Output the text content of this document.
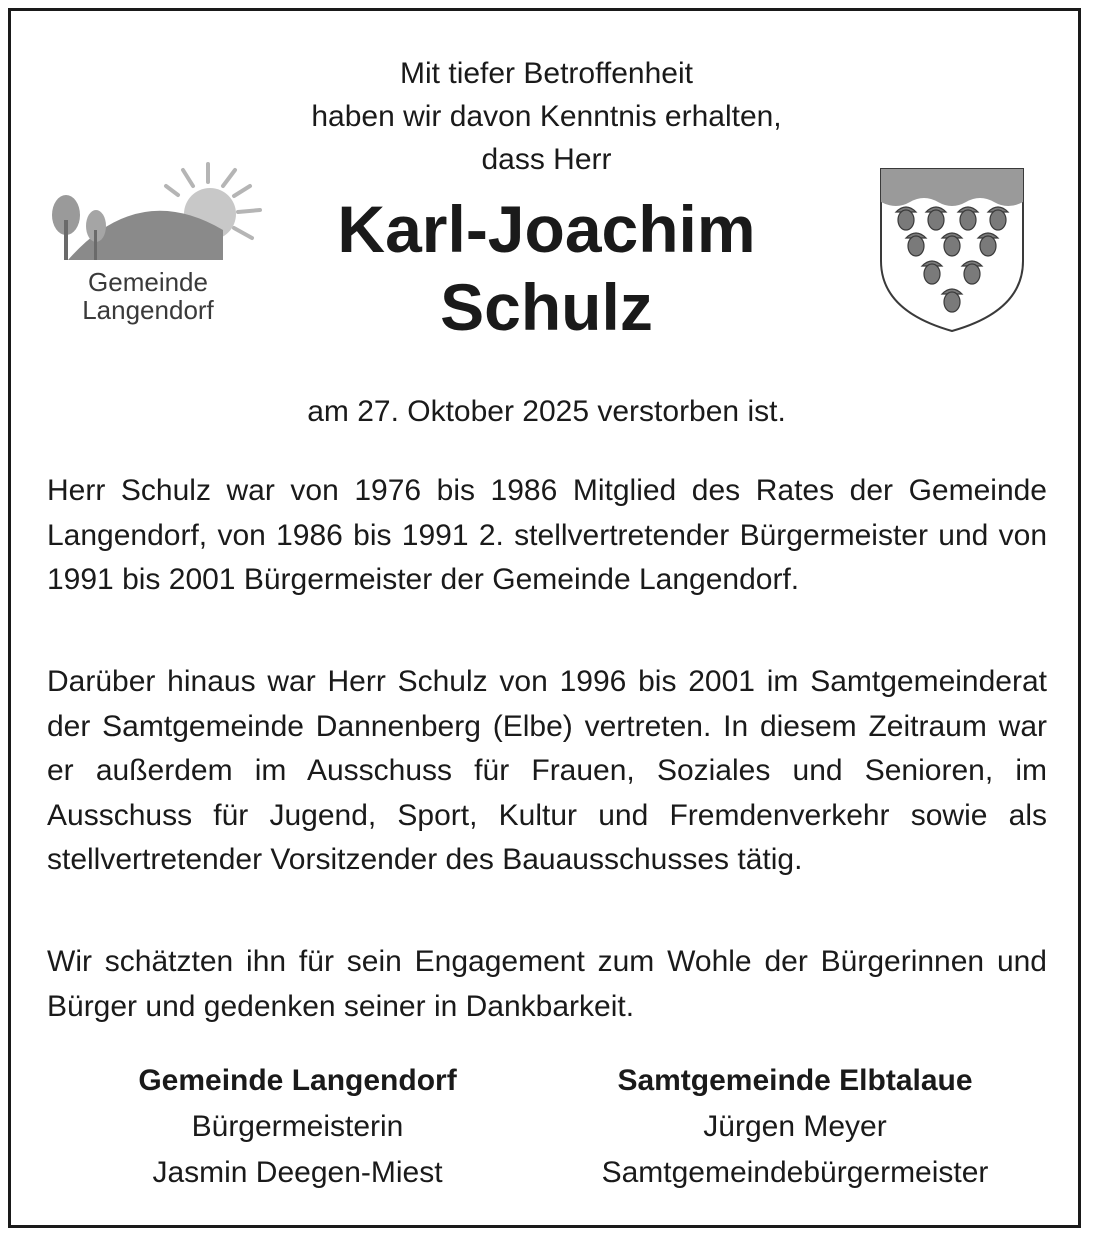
Gemeinde
Langendorf
Mit tiefer Betroffenheit
haben wir davon Kenntnis erhalten,
dass Herr
Karl-Joachim
Schulz
am 27. Oktober 2025 verstorben ist.

Herr Schulz war von 1976 bis 1986 Mitglied des Rates der Gemeinde Langendorf, von 1986 bis 1991 2. stellvertretender Bürgermeister und von 1991 bis 2001 Bürgermeister der Gemeinde Langendorf.

Darüber hinaus war Herr Schulz von 1996 bis 2001 im Samtgemeinderat der Samtgemeinde Dannenberg (Elbe) vertreten. In diesem Zeitraum war er außerdem im Ausschuss für Frauen, Soziales und Senioren, im Ausschuss für Jugend, Sport, Kultur und Fremdenverkehr sowie als stellvertretender Vorsitzender des Bauausschusses tätig.

Wir schätzten ihn für sein Engagement zum Wohle der Bürgerinnen und Bürger und gedenken seiner in Dankbarkeit.

Gemeinde Langendorf
Bürgermeisterin
Jasmin Deegen-Miest
Samtgemeinde Elbtalaue
Jürgen Meyer
Samtgemeindebürgermeister
